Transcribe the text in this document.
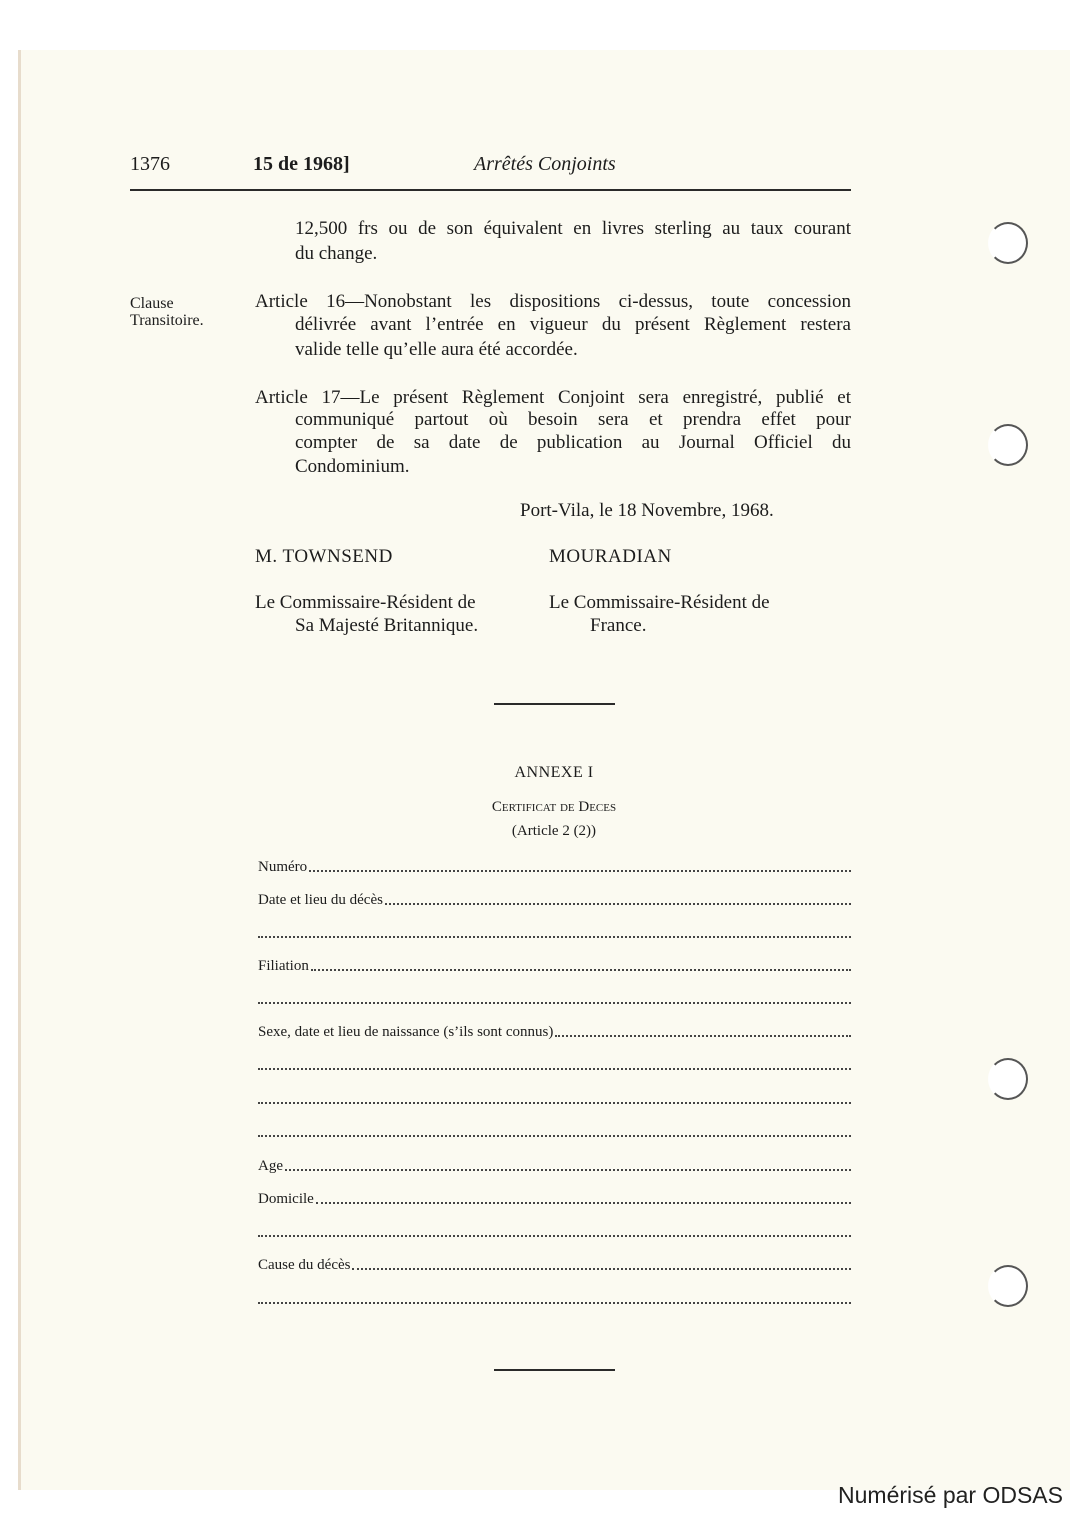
1376	15 de 1968]	Arrêtés Conjoints
12,500 frs ou de son équivalent en livres sterling au taux courant
du change.
Clause
Transitoire.
Article 16—Nonobstant les dispositions ci-dessus, toute concession
délivrée avant l’entrée en vigueur du présent Règlement restera
valide telle qu’elle aura été accordée.
Article 17—Le présent Règlement Conjoint sera enregistré, publié et
communiqué partout où besoin sera et prendra effet pour
compter de sa date de publication au Journal Officiel du
Condominium.
Port-Vila, le 18 Novembre, 1968.
M. TOWNSEND	MOURADIAN
Le Commissaire-Résident de
Sa Majesté Britannique.
Le Commissaire-Résident de
France.
ANNEXE I
Certificat de Deces
(Article 2 (2))
Numéro
Date et lieu du décès
Filiation
Sexe, date et lieu de naissance (s’ils sont connus)
Age
Domicile
Cause du décès
Numérisé par ODSAS
